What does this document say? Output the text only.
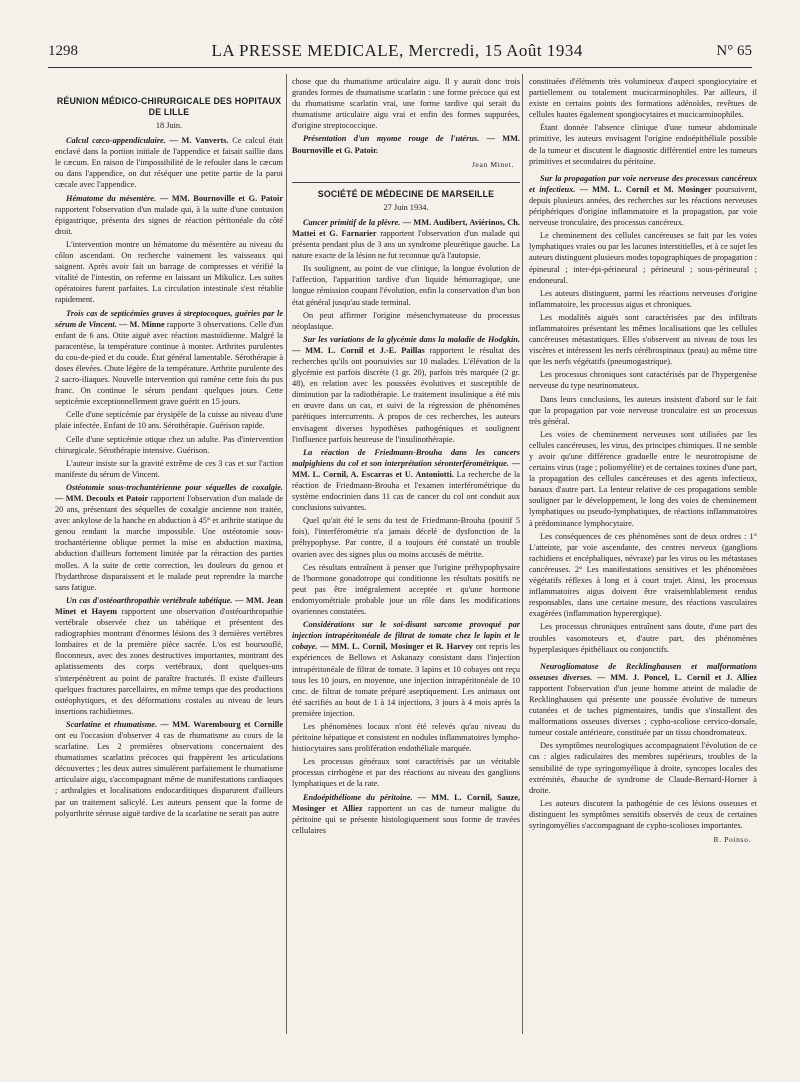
1298	LA PRESSE MEDICALE, Mercredi, 15 Août 1934	N° 65
RÉUNION MÉDICO-CHIRURGICALE DES HOPITAUX DE LILLE
18 Juin.

Calcul cæco-appendiculaire. — M. Vanverts. Ce calcul était enclavé dans la portion initiale de l'appendice et faisait saillie dans le cæcum. En raison de l'impossibilité de le refouler dans le cæcum ou dans l'appendice, on dut réséquer une petite partie de la paroi cæcale avec l'appendice.

Hématome du mésentère. — MM. Bournoville et G. Patoir rapportent l'observation d'un malade qui, à la suite d'une contusion épigastrique, présenta des signes de réaction péritonéale du côté droit.

L'intervention montre un hématome du mésentère au niveau du côlon ascendant. On recherche vainement les vaisseaux qui saignent. Après avoir fait un barrage de compresses et vérifié la vitalité de l'intestin, on referme en laissant un Mikulicz. Les suites opératoires furent parfaites. La circulation intestinale s'est rétablie rapidement.

Trois cas de septicémies graves à streptocoques, guéries par le sérum de Vincent. — M. Minne rapporte 3 observations. Celle d'un enfant de 6 ans. Otite aiguë avec réaction mastoïdienne. Malgré la paracentèse, la température continue à monter. Arthrites purulentes du cou-de-pied et du coude. État général lamentable. Sérothérapie à doses élevées. Chute légère de la température. Arthrite purulente des 2 sacro-iliaques. Nouvelle intervention qui ramène cette fois du pus franc. On continue le sérum pendant quelques jours. Cette septicémie exceptionnellement grave guérit en 15 jours.

Celle d'une septicémie par érysipèle de la cuisse au niveau d'une plaie infectée. Enfant de 10 ans. Sérothérapie. Guérison rapide.

Celle d'une septicémie otique chez un adulte. Pas d'intervention chirurgicale. Sérothérapie intensive. Guérison.

L'auteur insiste sur la gravité extrême de ces 3 cas et sur l'action manifeste du sérum de Vincent.

Ostéotomie sous-trochantérienne pour séquelles de coxalgie. — MM. Decoulx et Patoir rapportent l'observation d'un malade de 20 ans, présentant des séquelles de coxalgie ancienne non traitée, avec ankylose de la hanche en abduction à 45° et arthrite statique du genou rendant la marche impossible. Une ostéotomie sous-trochantérienne oblique permet la mise en abduction maxima, abduction d'ailleurs fortement limitée par la rétraction des parties molles. A la suite de cette correction, les douleurs du genou et l'hydarthrose disparaissent et le malade peut reprendre la marche sans fatigue.

Un cas d'ostéoarthropathie vertébrale tabétique. — MM. Jean Minet et Hayem rapportent une observation d'ostéoarthropathie vertébrale observée chez un tabétique et présentent des radiographies montrant d'énormes lésions des 3 dernières vertèbres lombaires et de la première pièce sacrée. L'os est boursouflé, floconneux, avec des zones destructives importantes, montrant des aplatissements des corps vertébraux, dont quelques-uns s'interpénètrent au point de paraître fracturés. Il existe d'ailleurs quelques fractures parcellaires, en même temps que des productions ostéophytiques, et des déformations costales au niveau de leurs insertions rachidiennes.

Scarlatine et rhumatisme. — MM. Warembourg et Cornille ont eu l'occasion d'observer 4 cas de rhumatisme au cours de la scarlatine. Les 2 premières observations concernaient des rhumatismes scarlatins précoces qui frappèrent les articulations découvertes ; les deux autres simulèrent parfaitement le rhumatisme articulaire aigu, s'accompagnant même de manifestations cardiaques ; arthralgies et localisations endocarditiques disparurent d'ailleurs par un traitement salicylé. Les auteurs pensent que la forme de polyarthrite séreuse aiguë tardive de la scarlatine ne serait pas autre

chose que du rhumatisme articulaire aigu. Il y aurait donc trois grandes formes de rhumatisme scarlatin : une forme précoce qui est du rhumatisme scarlatin vrai, une forme tardive qui serait du rhumatisme articulaire aigu vrai et enfin des formes suppurées, d'origine streptococcique.

Présentation d'un myome rouge de l'utérus. — MM. Bournoville et G. Patoir.

Jean Minet.
SOCIÉTÉ DE MÉDECINE DE MARSEILLE
27 Juin 1934.

Cancer primitif de la plèvre. — MM. Audibert, Aviérinos, Ch. Mattei et G. Farnarier rapportent l'observation d'un malade qui présenta pendant plus de 3 ans un syndrome pleurétique gauche. La nature exacte de la lésion ne fut reconnue qu'à l'autopsie.

Ils soulignent, au point de vue clinique, la longue évolution de l'affection, l'apparition tardive d'un liquide hémorragique, une longue rémission coupant l'évolution, enfin la conservation d'un bon état général jusqu'au stade terminal.

On peut affirmer l'origine mésenchymateuse du processus néoplasique.

Sur les variations de la glycémie dans la maladie de Hodgkin. — MM. L. Cornil et J.-E. Paillas rapportent le résultat des recherches qu'ils ont poursuivies sur 10 malades. L'élévation de la glycémie est parfois discrète (1 gr. 20), parfois très marquée (2 gr. 48), en relation avec les poussées évolutives et susceptible de diminution par la radiothérapie. Le traitement insulinique a été mis en œuvre dans un cas, et suivi de la régression de phénomènes parétiques intercurrents. A propos de ces recherches, les auteurs envisagent diverses hypothèses pathogéniques et soulignent l'influence parfois heureuse de l'insulinothérapie.

La réaction de Friedmann-Brouha dans les cancers malpighiens du col et son interprétation séronterférométrique. — MM. L. Cornil, A. Escarras et U. Antoniotti. La recherche de la réaction de Friedmann-Brouha et l'examen interférométrique du système endocrinien dans 11 cas de cancer du col ont conduit aux conclusions suivantes.

Quel qu'ait été le sens du test de Friedmann-Brouha (positif 5 fois), l'interférométrie n'a jamais décelé de dysfonction de la préhypophyse. Par contre, il a toujours été constaté un trouble ovarien avec des signes plus ou moins accusés de métrite.

Ces résultats entraînent à penser que l'origine préhypophysaire de l'hormone gonadotrope qui conditionne les résultats positifs ne peut pas être intégralement acceptée et qu'une hormone endomyométriale probable joue un rôle dans les modifications ovariennes constatées.

Considérations sur le soi-disant sarcome provoqué par injection intrapéritonéale de filtrat de tomate chez le lapin et le cobaye. — MM. L. Cornil, Mosinger et R. Harvey ont repris les expériences de Bellows et Askanazy consistant dans l'injection intrapéritonéale de filtrat de tomate. 3 lapins et 10 cobayes ont reçu tous les 10 jours, en moyenne, une injection intrapéritonéale de 10 cmc. de filtrat de tomate préparé aseptiquement. Les animaux ont été sacrifiés au bout de 1 à 14 injections, 3 jours à 4 mois après la première injection.

Les phénomènes locaux n'ont été relevés qu'au niveau du péritoine hépatique et consistent en nodules inflammatoires lympho-histiocytaires sans prolifération endothéliale marquée.

Les processus généraux sont caractérisés par un véritable processus cirrhogène et par des réactions au niveau des ganglions lymphatiques et de la rate.

Endoépithéliome du péritoine. — MM. L. Cornil, Sauze, Mosinger et Alliez rapportent un cas de tumeur maligne du péritoine qui se présente histologiquement sous forme de travées cellulaires

constituées d'éléments très volumineux d'aspect spongiocytaire et partiellement ou totalement mucicarminophiles. Par ailleurs, il existe en certains points des formations adénoïdes, revêtues de cellules hautes également spongiocytaires et mucicarminophiles.

Étant donnée l'absence clinique d'une tumeur abdominale primitive, les auteurs envisagent l'origine endoépithéliale possible de la tumeur et discutent le diagnostic différentiel entre les tumeurs primitives et secondaires du péritoine.

Sur la propagation par voie nerveuse des processus cancéreux et infectieux. — MM. L. Cornil et M. Mosinger poursuivent, depuis plusieurs années, des recherches sur les réactions nerveuses périphériques d'origine inflammatoire et la propagation, par voie nerveuse tronculaire, des processus cancéreux.

Le cheminement des cellules cancéreuses se fait par les voies lymphatiques vraies ou par les lacunes interstitielles, et à ce sujet les auteurs distinguent plusieurs modes topographiques de propagation : épineural ; inter-épi-périneural ; périneural ; sous-périneural ; endoneural.

Les auteurs distinguent, parmi les réactions nerveuses d'origine inflammatoire, les processus aigus et chroniques.

Les modalités aiguës sont caractérisées par des infiltrats inflammatoires présentant les mêmes localisations que les cellules cancéreuses métastatiques. Elles s'observent au niveau de tous les viscères et intéressent les nerfs cérébrospinaux (peau) au même titre que les nerfs végétatifs (pneumogastrique).

Les processus chroniques sont caractérisés par de l'hypergenèse nerveuse du type neurinomateux.

Dans leurs conclusions, les auteurs insistent d'abord sur le fait que la propagation par voie nerveuse tronculaire est un processus très général.

Les voies de cheminement nerveuses sont utilisées par les cellules cancéreuses, les virus, des principes chimiques. Il ne semble y avoir qu'une différence graduelle entre le neurotropisme de certains virus (rage ; poliomyélite) et de certaines toxines d'une part, la propagation des cellules cancéreuses et des agents infectieux, banaux d'autre part. La lenteur relative de ces propagations semble souligner par le développement, le long des voies de cheminement lymphatiques ou pseudo-lymphatiques, de réactions inflammatoires à prédominance lymphocytaire.

Les conséquences de ces phénomènes sont de deux ordres : 1° L'atteinte, par voie ascendante, des centres nerveux (ganglions rachidiens et encéphaliques, névraxe) par les virus ou les métastases cancéreuses. 2° Les manifestations sensitives et les phénomènes végétatifs réflexes à long et à court trajet. Ainsi, les processus inflammatoires aigus doivent être vraisemblablement rendus responsables, dans une certaine mesure, des réactions vasculaires exagérées (inflammation hyperergique).

Les processus chroniques entraînent sans doute, d'une part des troubles vasomoteurs et, d'autre part, des phénomènes hyperplasiques épithéliaux ou conjonctifs.

Neurogliomatose de Recklinghausen et malformations osseuses diverses. — MM. J. Poncel, L. Cornil et J. Alliez rapportent l'observation d'un jeune homme atteint de maladie de Recklinghausen qui présente une poussée évolutive de tumeurs cutanées et de taches pigmentaires, tandis que s'installent des malformations osseuses diverses ; cypho-scoliose cervico-dorsale, tumeur costale antérieure, constituée par un tissu chondromateux.

Des symptômes neurologiques accompagnaient l'évolution de ce cas : algies radiculaires des membres supérieurs, troubles de la sensibilité de type syringomyélique à droite, syncopes locales des extrémités, ébauche de syndrome de Claude-Bernard-Horner à droite.

Les auteurs discutent la pathogénie de ces lésions osseuses et distinguent les symptômes sensitifs observés de ceux de certaines syringomyélies s'accompagnant de cypho-scolioses importantes.

R. Poinso.
